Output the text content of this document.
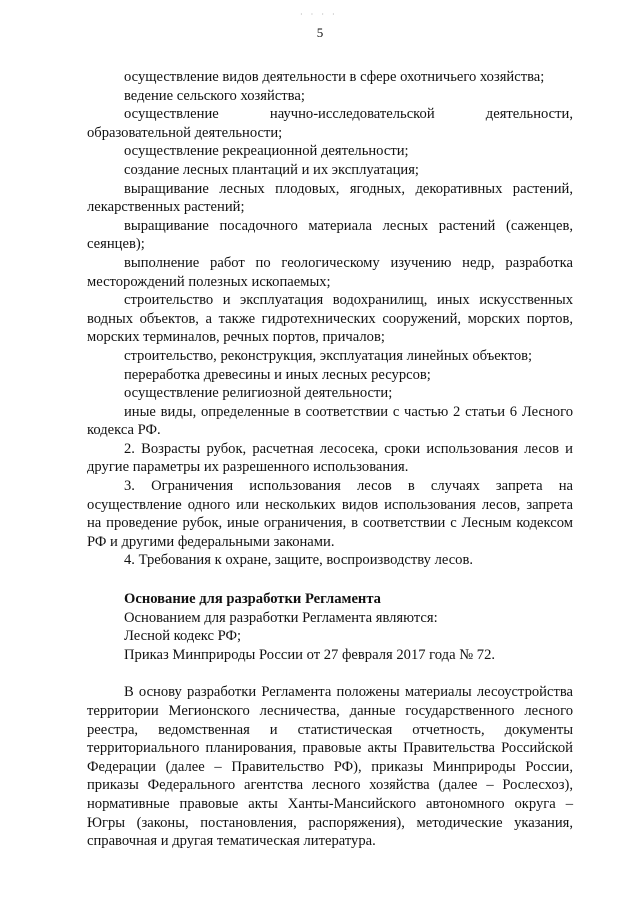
· · · ·
5

осуществление видов деятельности в сфере охотничьего хозяйства;

ведение сельского хозяйства;

осуществление научно-исследовательской деятельности, образовательной деятельности;

осуществление рекреационной деятельности;

создание лесных плантаций и их эксплуатация;

выращивание лесных плодовых, ягодных, декоративных растений, лекарственных растений;

выращивание посадочного материала лесных растений (саженцев, сеянцев);

выполнение работ по геологическому изучению недр, разработка месторождений полезных ископаемых;

строительство и эксплуатация водохранилищ, иных искусственных водных объектов, а также гидротехнических сооружений, морских портов, морских терминалов, речных портов, причалов;

строительство, реконструкция, эксплуатация линейных объектов;

переработка древесины и иных лесных ресурсов;

осуществление религиозной деятельности;

иные виды, определенные в соответствии с частью 2 статьи 6 Лесного кодекса РФ.

2. Возрасты рубок, расчетная лесосека, сроки использования лесов и другие параметры их разрешенного использования.

3. Ограничения использования лесов в случаях запрета на осуществление одного или нескольких видов использования лесов, запрета на проведение рубок, иные ограничения, в соответствии с Лесным кодексом РФ и другими федеральными законами.

4. Требования к охране, защите, воспроизводству лесов.

Основание для разработки Регламента

Основанием для разработки Регламента являются:

Лесной кодекс РФ;

Приказ Минприроды России от 27 февраля 2017 года № 72.

В основу разработки Регламента положены материалы лесоустройства территории Мегионского лесничества, данные государственного лесного реестра, ведомственная и статистическая отчетность, документы территориального планирования, правовые акты Правительства Российской Федерации (далее – Правительство РФ), приказы Минприроды России, приказы Федерального агентства лесного хозяйства (далее – Рослесхоз), нормативные правовые акты Ханты-Мансийского автономного округа – Югры (законы, постановления, распоряжения), методические указания, справочная и другая тематическая литература.
